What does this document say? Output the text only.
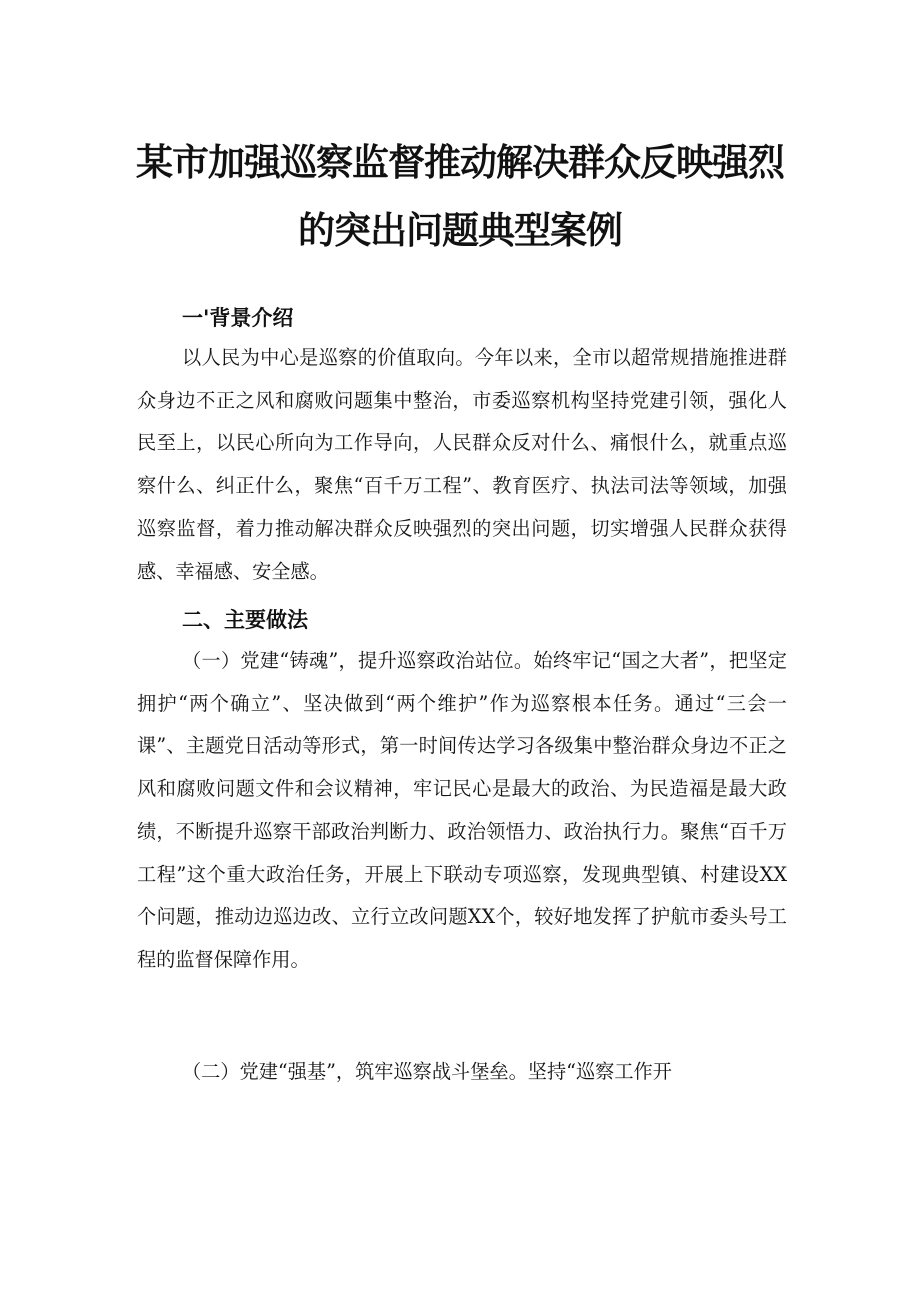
某市加强巡察监督推动解决群众反映强烈
的突出问题典型案例
一'背景介绍

以人民为中心是巡察的价值取向。今年以来，全市以超常规措施推进群众身边不正之风和腐败问题集中整治，市委巡察机构坚持党建引领，强化人民至上，以民心所向为工作导向，人民群众反对什么、痛恨什么，就重点巡察什么、纠正什么，聚焦“百千万工程”、教育医疗、执法司法等领域，加强巡察监督，着力推动解决群众反映强烈的突出问题，切实增强人民群众获得感、幸福感、安全感。

二、主要做法

（一）党建“铸魂”，提升巡察政治站位。始终牢记“国之大者”，把坚定拥护“两个确立”、坚决做到“两个维护”作为巡察根本任务。通过“三会一课”、主题党日活动等形式，第一时间传达学习各级集中整治群众身边不正之风和腐败问题文件和会议精神，牢记民心是最大的政治、为民造福是最大政绩，不断提升巡察干部政治判断力、政治领悟力、政治执行力。聚焦“百千万工程”这个重大政治任务，开展上下联动专项巡察，发现典型镇、村建设XX个问题，推动边巡边改、立行立改问题XX个，较好地发挥了护航市委头号工程的监督保障作用。

（二）党建“强基”，筑牢巡察战斗堡垒。坚持“巡察工作开
